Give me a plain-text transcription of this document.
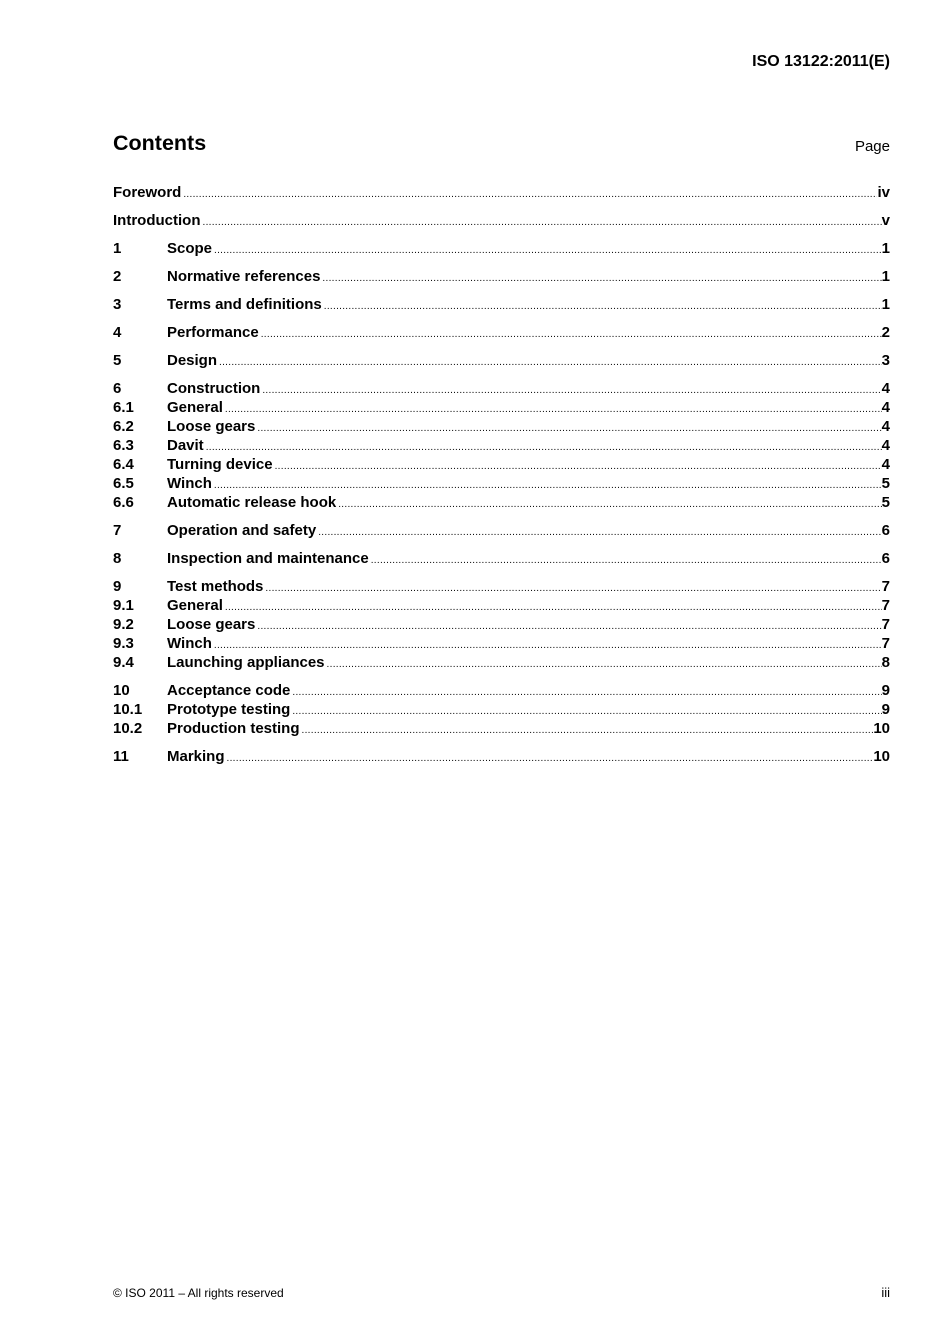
ISO 13122:2011(E)
Contents	Page
Foreword .....	iv
Introduction .....	v
1	Scope .....	1
2	Normative references .....	1
3	Terms and definitions .....	1
4	Performance .....	2
5	Design .....	3
6	Construction .....	4
6.1	General .....	4
6.2	Loose gears .....	4
6.3	Davit .....	4
6.4	Turning device .....	4
6.5	Winch .....	5
6.6	Automatic release hook .....	5
7	Operation and safety .....	6
8	Inspection and maintenance .....	6
9	Test methods .....	7
9.1	General .....	7
9.2	Loose gears .....	7
9.3	Winch .....	7
9.4	Launching appliances .....	8
10	Acceptance code .....	9
10.1	Prototype testing .....	9
10.2	Production testing .....	10
11	Marking .....	10
© ISO 2011 – All rights reserved	iii
